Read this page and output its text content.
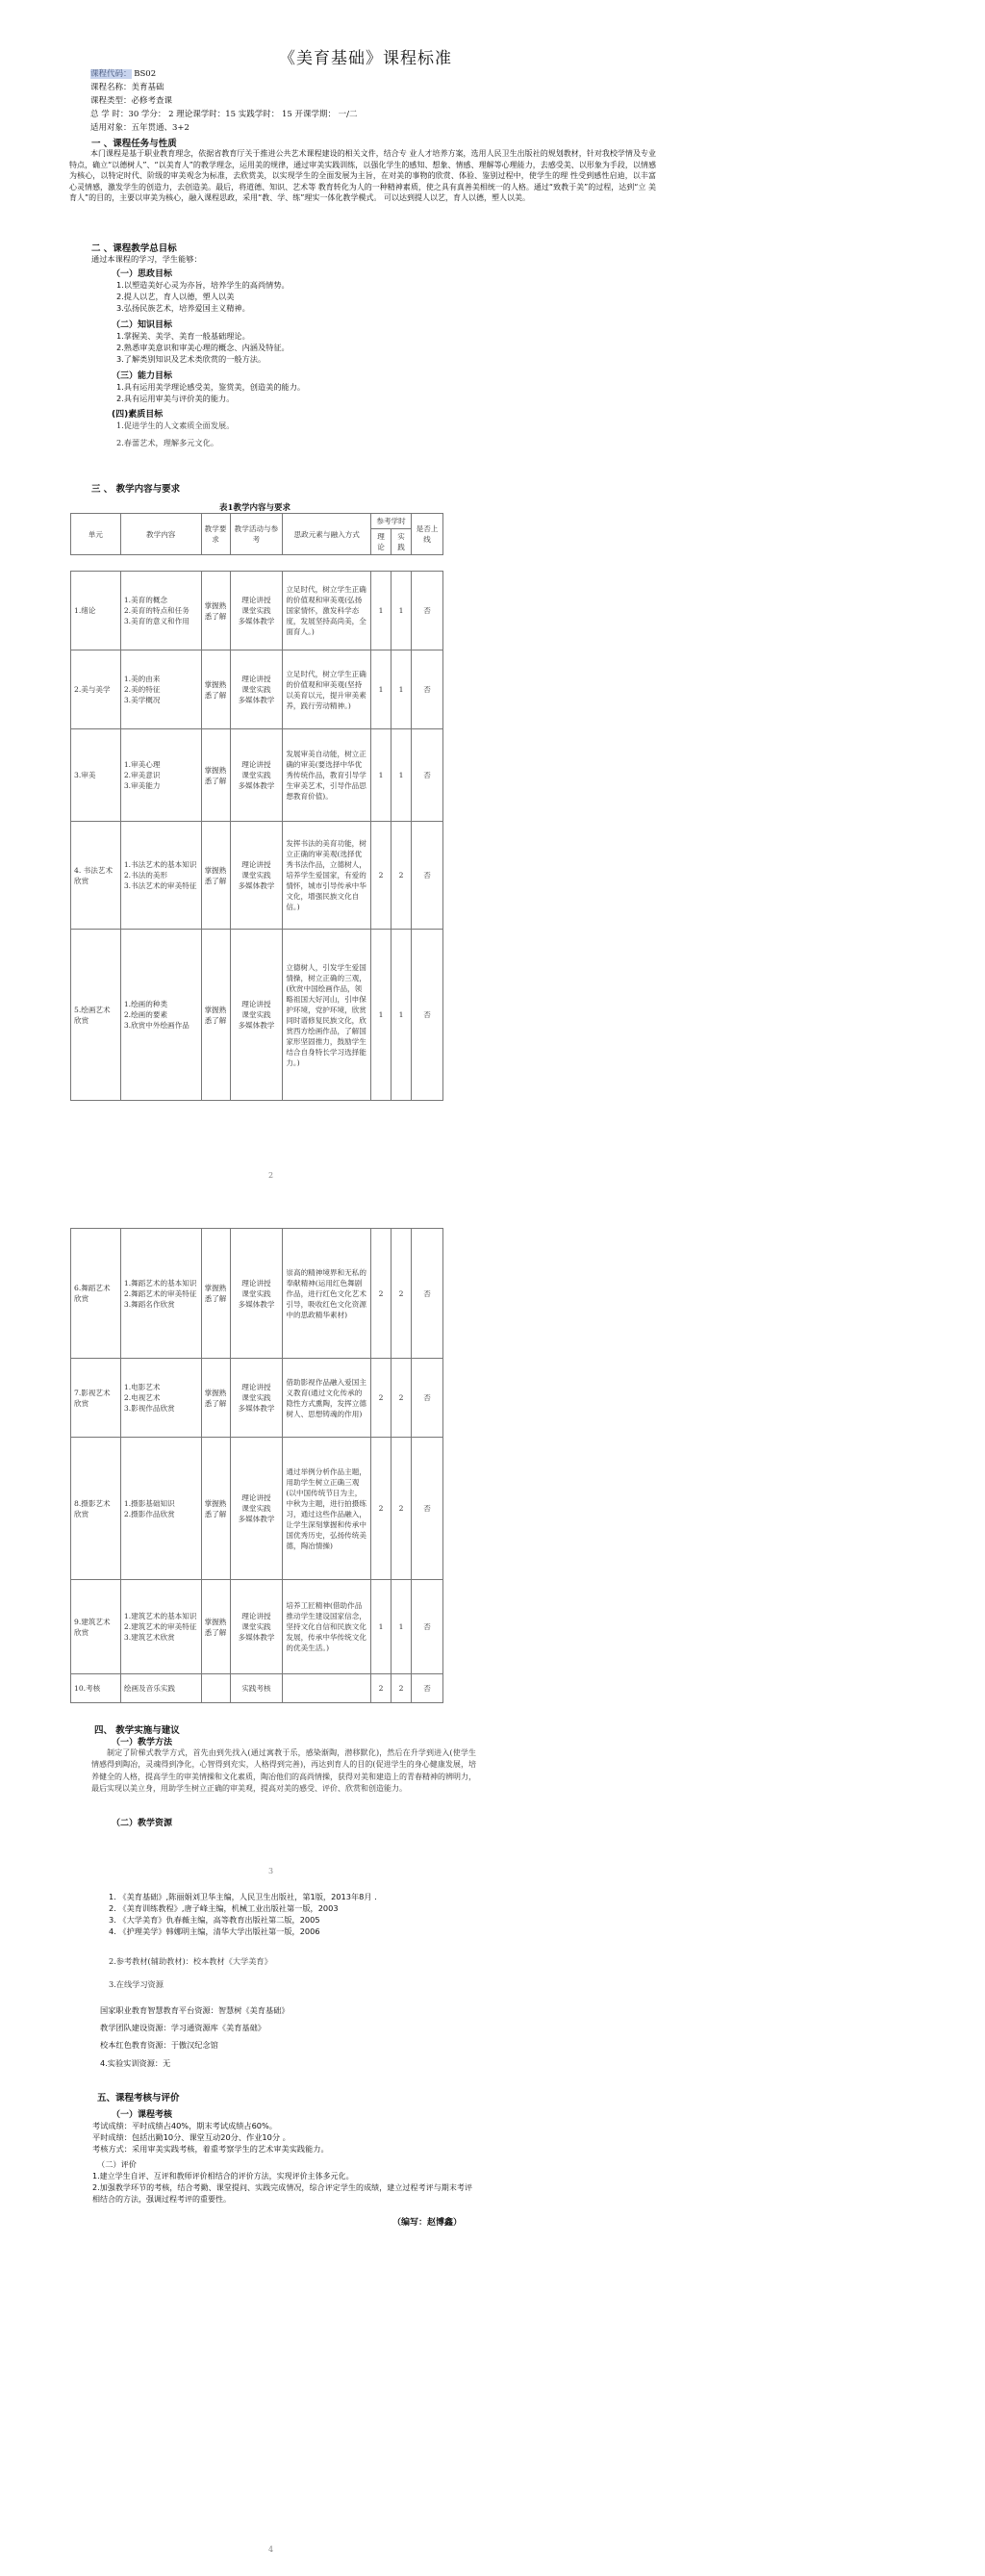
《美育基础》课程标准
课程代码： BS02
课程名称：美育基础
课程类型：必修考查课
总 学 时：30 学分： 2 理论课学时：15 实践学时： 15 开课学期： 一/二
适用对象：五年贯通、3+2
一 、课程任务与性质
本门课程是基于职业教育理念，依据省教育厅关于推进公共艺术课程建设的相关文件，结合专 业人才培养方案，选用人民卫生出版社的规划教材，针对我校学情及专业特点，确立“以德树人”、“以美育人”的教学理念，运用美的规律，通过审美实践训练，以强化学生的感知、想象、情感、理解等心理能力，去感受美、以形象为手段，以情感为核心，以特定时代、阶级的审美观念为标准，去欣赏美，以实现学生的全面发展为主旨，在对美的事物的欣赏、体验、鉴别过程中，使学生的理 性受到感性启迪，以丰富心灵情感，激发学生的创造力，去创造美。最后，将道德、知识、艺术等 教育转化为人的一种精神素质，使之具有真善美相统一的人格。通过“致教于美”的过程，达到“立 美育人”的目的，主要以审美为核心，融入课程思政，采用“教、学、练”理实一体化教学模式。 可以达到提人以艺，育人以德，塑人以美。
二 、课程教学总目标
通过本课程的学习，学生能够：
（一）思政目标
1.以塑造美好心灵为亦旨，培养学生的高尚情势。
2.提人以艺，育人以德，塑人以美
3.弘扬民族艺术，培养爱国主义精神。
（二）知识目标
1.掌握美、美学、美育一般基础理论。
2.熟悉审美意识和审美心理的概念、内涵及特征。
3.了解类别知识及艺术类欣赏的一般方法。
（三）能力目标
1.具有运用美学理论感受美，鉴赏美，创造美的能力。
2.具有运用审美与评价美的能力。
(四)素质目标
1.促进学生的人文素质全面发展。
2.春蕾艺术，理解多元文化。
三 、 教学内容与要求
表1教学内容与要求
单元	教学内容	教学要求	教学活动与参考	思政元素与融入方式	参考学时		是否上线
					理论	实践	

1.绪论	1.美育的概念
2.美育的特点和任务
3.美育的意义和作用	掌握熟悉了解	理论讲授
课堂实践
多媒体教学	立足时代，树立学生正确的价值观和审美观(弘扬国家情怀，激发科学态度，发展坚持高尚美，全面育人。)	1	1	否
2.美与美学	1.美的由来
2.美的特征
3.美学概况	掌握熟悉了解	理论讲授
课堂实践
多媒体教学	立足时代，树立学生正确的价值观和审美观(坚持以美育以元，提升审美素养，践行劳动精神。)	1	1	否
3.审美	1.审美心理
2.审美意识
3.审美能力	掌握熟悉了解	理论讲授
课堂实践
多媒体教学	发展审美自动能，树立正确的审美(要选择中华优秀传统作品，教育引导学生审美艺术，引导作品思想教育价值)。	1	1	否
4. 书法艺术欣赏	1.书法艺术的基本知识
2.书法的美形
3.书法艺术的审美特征	掌握熟悉了解	理论讲授
课堂实践
多媒体教学	发挥书法的美育功能，树立正确的审美观(选择优秀书法作品，立德树人，培养学生爱国家，有爱的情怀，城市引导传承中华文化，增强民族文化自信。)	2	2	否
5.绘画艺术欣赏	1.绘画的种类
2.绘画的要素
3.欣赏中外绘画作品	掌握熟悉了解	理论讲授
课堂实践
多媒体教学	立德树人，引发学生爱国情操，树立正确的三观，(欣赏中国绘画作品，领略祖国大好河山，引申保护环境，党护环境，欣赏同时谱修复民族文化，欣赏西方绘画作品，了解国家形坚固推力，鼓励学生结合自身特长学习选择能力。)	1	1	否
2
6.舞蹈艺术欣赏	1.舞蹈艺术的基本知识
2.舞蹈艺术的审美特征
3.舞蹈名作欣赏	掌握熟悉了解	理论讲授
课堂实践
多媒体教学	崇高的精神境界和无私的奉献精神(运用红色舞剧作品，进行红色文化艺术引导，吸收红色文化资源中的思政精华素材)	2	2	否
7.影视艺术欣赏	1.电影艺术
2.电视艺术
3.影视作品欣赏	掌握熟悉了解	理论讲授
课堂实践
多媒体教学	借助影视作品融入爱国主义教育(通过文化传承的隐性方式熏陶，发挥立德树人、思想铸魂的作用)	2	2	否
8.摄影艺术欣赏	1.摄影基础知识
2.摄影作品欣赏	掌握熟悉了解	理论讲授
课堂实践
多媒体教学	通过举例分析作品主题，用助学生树立正确三观(以中国传统节日为主，中秋为主题，进行拍摄练习，通过这些作品融入，让学生深刻掌握和传承中国优秀历史，弘扬传统美德，陶冶情操)	2	2	否
9.建筑艺术欣赏	1.建筑艺术的基本知识
2.建筑艺术的审美特征
3.建筑艺术欣赏	掌握熟悉了解	理论讲授
课堂实践
多媒体教学	培养工匠精神(借助作品推动学生建设国家信念，坚持文化自信和民族文化发展，传承中华传统文化的优美生活。)	1	1	否
10.考核	绘画及音乐实践		实践考核		2	2	否
四、 教学实施与建议
（一）教学方法
制定了阶梯式教学方式，首先由到先找入(通过寓教于乐，感染渐陶，潜移默化)，然后在升学到进入(使学生情感得到陶冶，灵魂得到净化，心智得到充实，人格得到完善)，再达到育人的目的(促进学生的身心健康发展，培养健全的人格，提高学生的审美情操和文化素质，陶冶他们的高尚情操，获得对美和建造上的青春精神的辨明力，最后实现以美立身，用助学生树立正确的审美观，提高对美的感受、评价、欣赏和创造能力。
（二）教学资源
3
1. 《美育基础》,陈丽娟刘卫华主编，人民卫生出版社，第1版，2013年8月 .
2. 《美育训练教程》,唐子峰主编，机械工业出版社第一版，2003
3. 《大学美育》仇春薇主编，高等教育出版社第二版，2005
4. 《护理美学》韩娜明主编，清华大学出版社第一版，2006
2.参考教材(辅助教材)：校本教材《大学美育》
3.在线学习资源
国家职业教育智慧教育平台资源：智慧树《美育基础》
教学团队建设资源：学习通资源库《美育基础》
校本红色教育资源：于傲汉纪念馆
4.实验实训资源：无
五、课程考核与评价
（一）课程考核
考试成绩：平时成绩占40%，期末考试成绩占60%。
平时成绩：包括出勤10分、课堂互动20分、作业10分 。
考核方式：采用审美实践考核，着重考察学生的艺术审美实践能力。
（二）评价
1.建立学生自评、互评和教师评价相结合的评价方法，实现评价主体多元化。
2.加强教学环节的考核，结合考勤、课堂提问、实践完成情况，综合评定学生的成绩，建立过程考评与期末考评相结合的方法，强调过程考评的重要性。
（编写：赵博鑫）
4
